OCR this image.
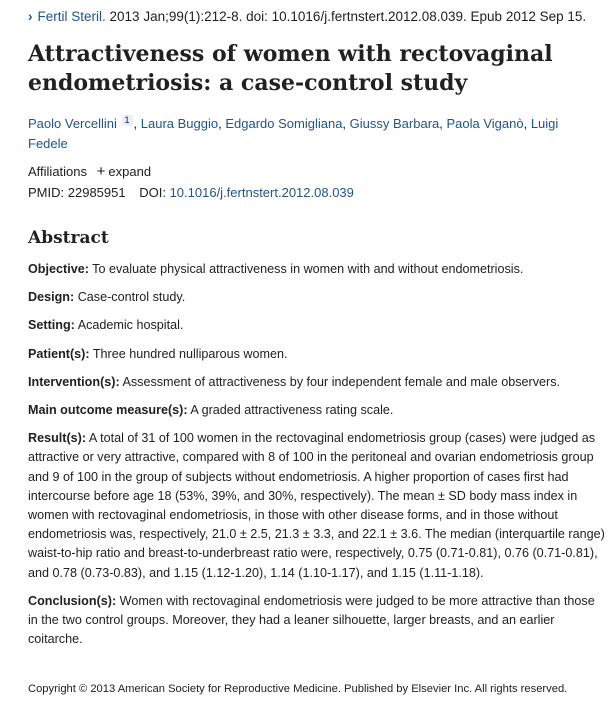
› Fertil Steril. 2013 Jan;99(1):212-8. doi: 10.1016/j.fertnstert.2012.08.039. Epub 2012 Sep 15.
Attractiveness of women with rectovaginal endometriosis: a case-control study
Paolo Vercellini $^1$ , Laura Buggio, Edgardo Somigliana, Giussy Barbara, Paola Viganò, Luigi Fedele
Affiliations + expand
PMID: 22985951 DOI: 10.1016/j.fertnstert.2012.08.039
Abstract

Objective: To evaluate physical attractiveness in women with and without endometriosis.

Design: Case-control study.

Setting: Academic hospital.

Patient(s): Three hundred nulliparous women.

Intervention(s): Assessment of attractiveness by four independent female and male observers.

Main outcome measure(s): A graded attractiveness rating scale.

Result(s): A total of 31 of 100 women in the rectovaginal endometriosis group (cases) were judged as attractive or very attractive, compared with 8 of 100 in the peritoneal and ovarian endometriosis group and 9 of 100 in the group of subjects without endometriosis. A higher proportion of cases first had intercourse before age 18 (53%, 39%, and 30%, respectively). The mean ± SD body mass index in women with rectovaginal endometriosis, in those with other disease forms, and in those without endometriosis was, respectively, 21.0 ± 2.5, 21.3 ± 3.3, and 22.1 ± 3.6. The median (interquartile range) waist-to-hip ratio and breast-to-underbreast ratio were, respectively, 0.75 (0.71-0.81), 0.76 (0.71-0.81), and 0.78 (0.73-0.83), and 1.15 (1.12-1.20), 1.14 (1.10-1.17), and 1.15 (1.11-1.18).

Conclusion(s): Women with rectovaginal endometriosis were judged to be more attractive than those in the two control groups. Moreover, they had a leaner silhouette, larger breasts, and an earlier coitarche.

Copyright © 2013 American Society for Reproductive Medicine. Published by Elsevier Inc. All rights reserved.
